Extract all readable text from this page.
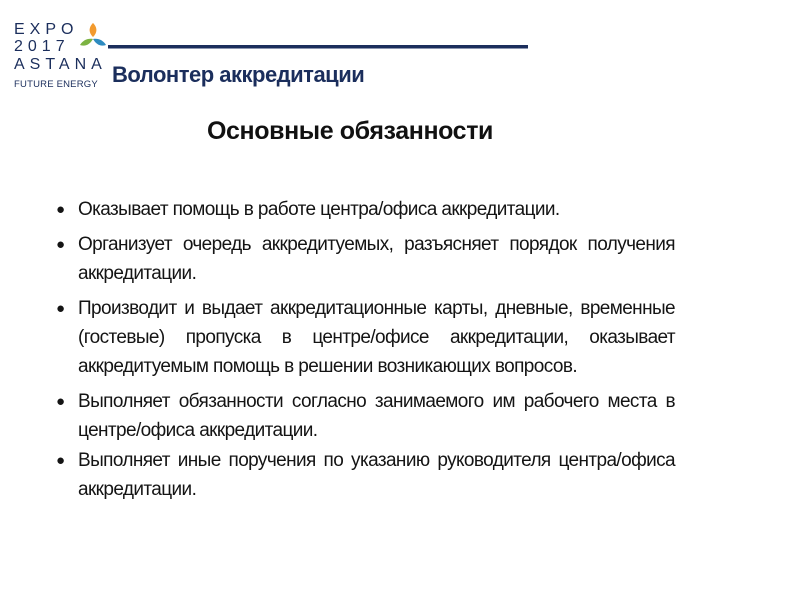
EXPO
2017
ASTANA
FUTURE ENERGY Волонтер аккредитации
Основные обязанности
● Оказывает помощь в работе центра/офиса аккредитации.
● Организует очередь аккредитуемых, разъясняет порядок получения аккредитации.
● Производит и выдает аккредитационные карты, дневные, временные (гостевые) пропуска в центре/офисе аккредитации, оказывает аккредитуемым помощь в решении возникающих вопросов.
● Выполняет обязанности согласно занимаемого им рабочего места в центре/офиса аккредитации.
● Выполняет иные поручения по указанию руководителя центра/офиса аккредитации.
